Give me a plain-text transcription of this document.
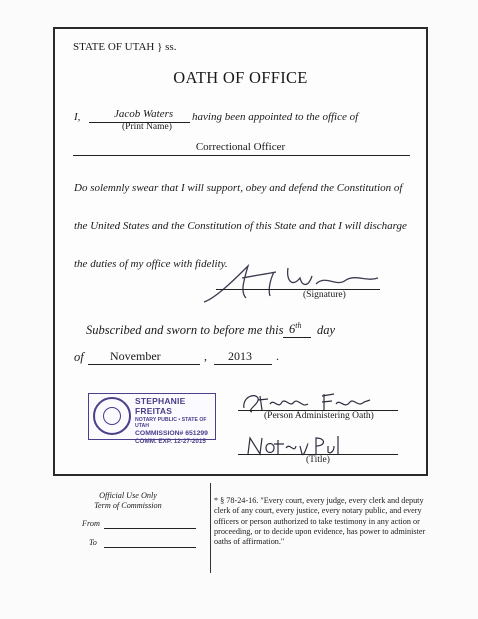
STATE OF UTAH } ss.
OATH OF OFFICE
I,	Jacob Waters
(Print Name)
having been appointed to the office of
Correctional Officer
Do solemnly swear that I will support, obey and defend the Constitution of
the United States and the Constitution of this State and that I will discharge
the duties of my office with fidelity.
(Signature)
Subscribed and sworn to before me this 6th day
of November	, 2013 .
STEPHANIE FREITAS
NOTARY PUBLIC • STATE OF UTAH
COMMISSION# 651299
COMM. EXP. 12-27-2015
(Person Administering Oath)
(Title)
Official Use Only
Term of Commission
From
To
* § 78-24-16. "Every court, every judge, every clerk and deputy clerk of any court, every justice, every notary public, and every officers or person authorized to take testimony in any action or proceeding, or to decide upon evidence, has power to administer oaths of affirmation."
